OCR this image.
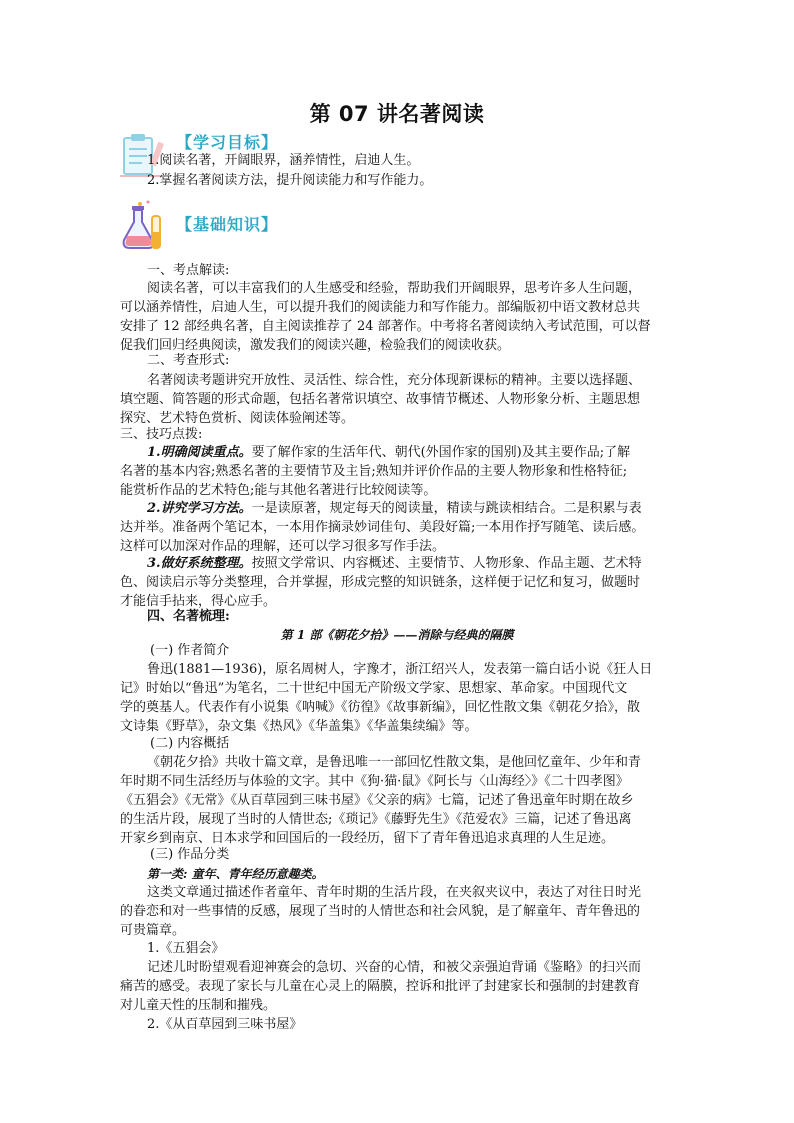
第 07 讲名著阅读
【学习目标】
1.阅读名著，开阔眼界，涵养情性，启迪人生。
2.掌握名著阅读方法，提升阅读能力和写作能力。
【基础知识】
一、考点解读:
阅读名著，可以丰富我们的人生感受和经验，帮助我们开阔眼界，思考许多人生问题，
可以涵养情性，启迪人生，可以提升我们的阅读能力和写作能力。部编版初中语文教材总共
安排了 12 部经典名著，自主阅读推荐了 24 部著作。中考将名著阅读纳入考试范围，可以督
促我们回归经典阅读，激发我们的阅读兴趣，检验我们的阅读收获。
二、考查形式:
名著阅读考题讲究开放性、灵活性、综合性，充分体现新课标的精神。主要以选择题、
填空题、简答题的形式命题，包括名著常识填空、故事情节概述、人物形象分析、主题思想
探究、艺术特色赏析、阅读体验阐述等。
三、技巧点拨:
1.明确阅读重点。要了解作家的生活年代、朝代(外国作家的国别)及其主要作品;了解
名著的基本内容;熟悉名著的主要情节及主旨;熟知并评价作品的主要人物形象和性格特征;
能赏析作品的艺术特色;能与其他名著进行比较阅读等。
2.讲究学习方法。一是读原著，规定每天的阅读量，精读与跳读相结合。二是积累与表
达并举。准备两个笔记本，一本用作摘录妙词佳句、美段好篇;一本用作抒写随笔、读后感。
这样可以加深对作品的理解，还可以学习很多写作手法。
3.做好系统整理。按照文学常识、内容概述、主要情节、人物形象、作品主题、艺术特
色、阅读启示等分类整理，合并掌握，形成完整的知识链条，这样便于记忆和复习，做题时
才能信手拈来，得心应手。
四、名著梳理:
第 1 部《朝花夕拾》——消除与经典的隔膜
(一) 作者简介
鲁迅(1881—1936)，原名周树人，字豫才，浙江绍兴人，发表第一篇白话小说《狂人日
记》时始以“鲁迅”为笔名，二十世纪中国无产阶级文学家、思想家、革命家。中国现代文
学的奠基人。代表作有小说集《呐喊》《彷徨》《故事新编》，回忆性散文集《朝花夕拾》，散
文诗集《野草》，杂文集《热风》《华盖集》《华盖集续编》等。
(二) 内容概括
《朝花夕拾》共收十篇文章，是鲁迅唯一一部回忆性散文集，是他回忆童年、少年和青
年时期不同生活经历与体验的文字。其中《狗·猫·鼠》《阿长与〈山海经〉》《二十四孝图》
《五猖会》《无常》《从百草园到三味书屋》《父亲的病》七篇，记述了鲁迅童年时期在故乡
的生活片段，展现了当时的人情世态;《琐记》《藤野先生》《范爱农》三篇，记述了鲁迅离
开家乡到南京、日本求学和回国后的一段经历，留下了青年鲁迅追求真理的人生足迹。
(三) 作品分类
第一类: 童年、青年经历意趣类。
这类文章通过描述作者童年、青年时期的生活片段，在夹叙夹议中，表达了对往日时光
的眷恋和对一些事情的反感，展现了当时的人情世态和社会风貌，是了解童年、青年鲁迅的
可贵篇章。
1.《五猖会》
记述儿时盼望观看迎神赛会的急切、兴奋的心情，和被父亲强迫背诵《鉴略》的扫兴而
痛苦的感受。表现了家长与儿童在心灵上的隔膜，控诉和批评了封建家长和强制的封建教育
对儿童天性的压制和摧残。
2.《从百草园到三味书屋》
